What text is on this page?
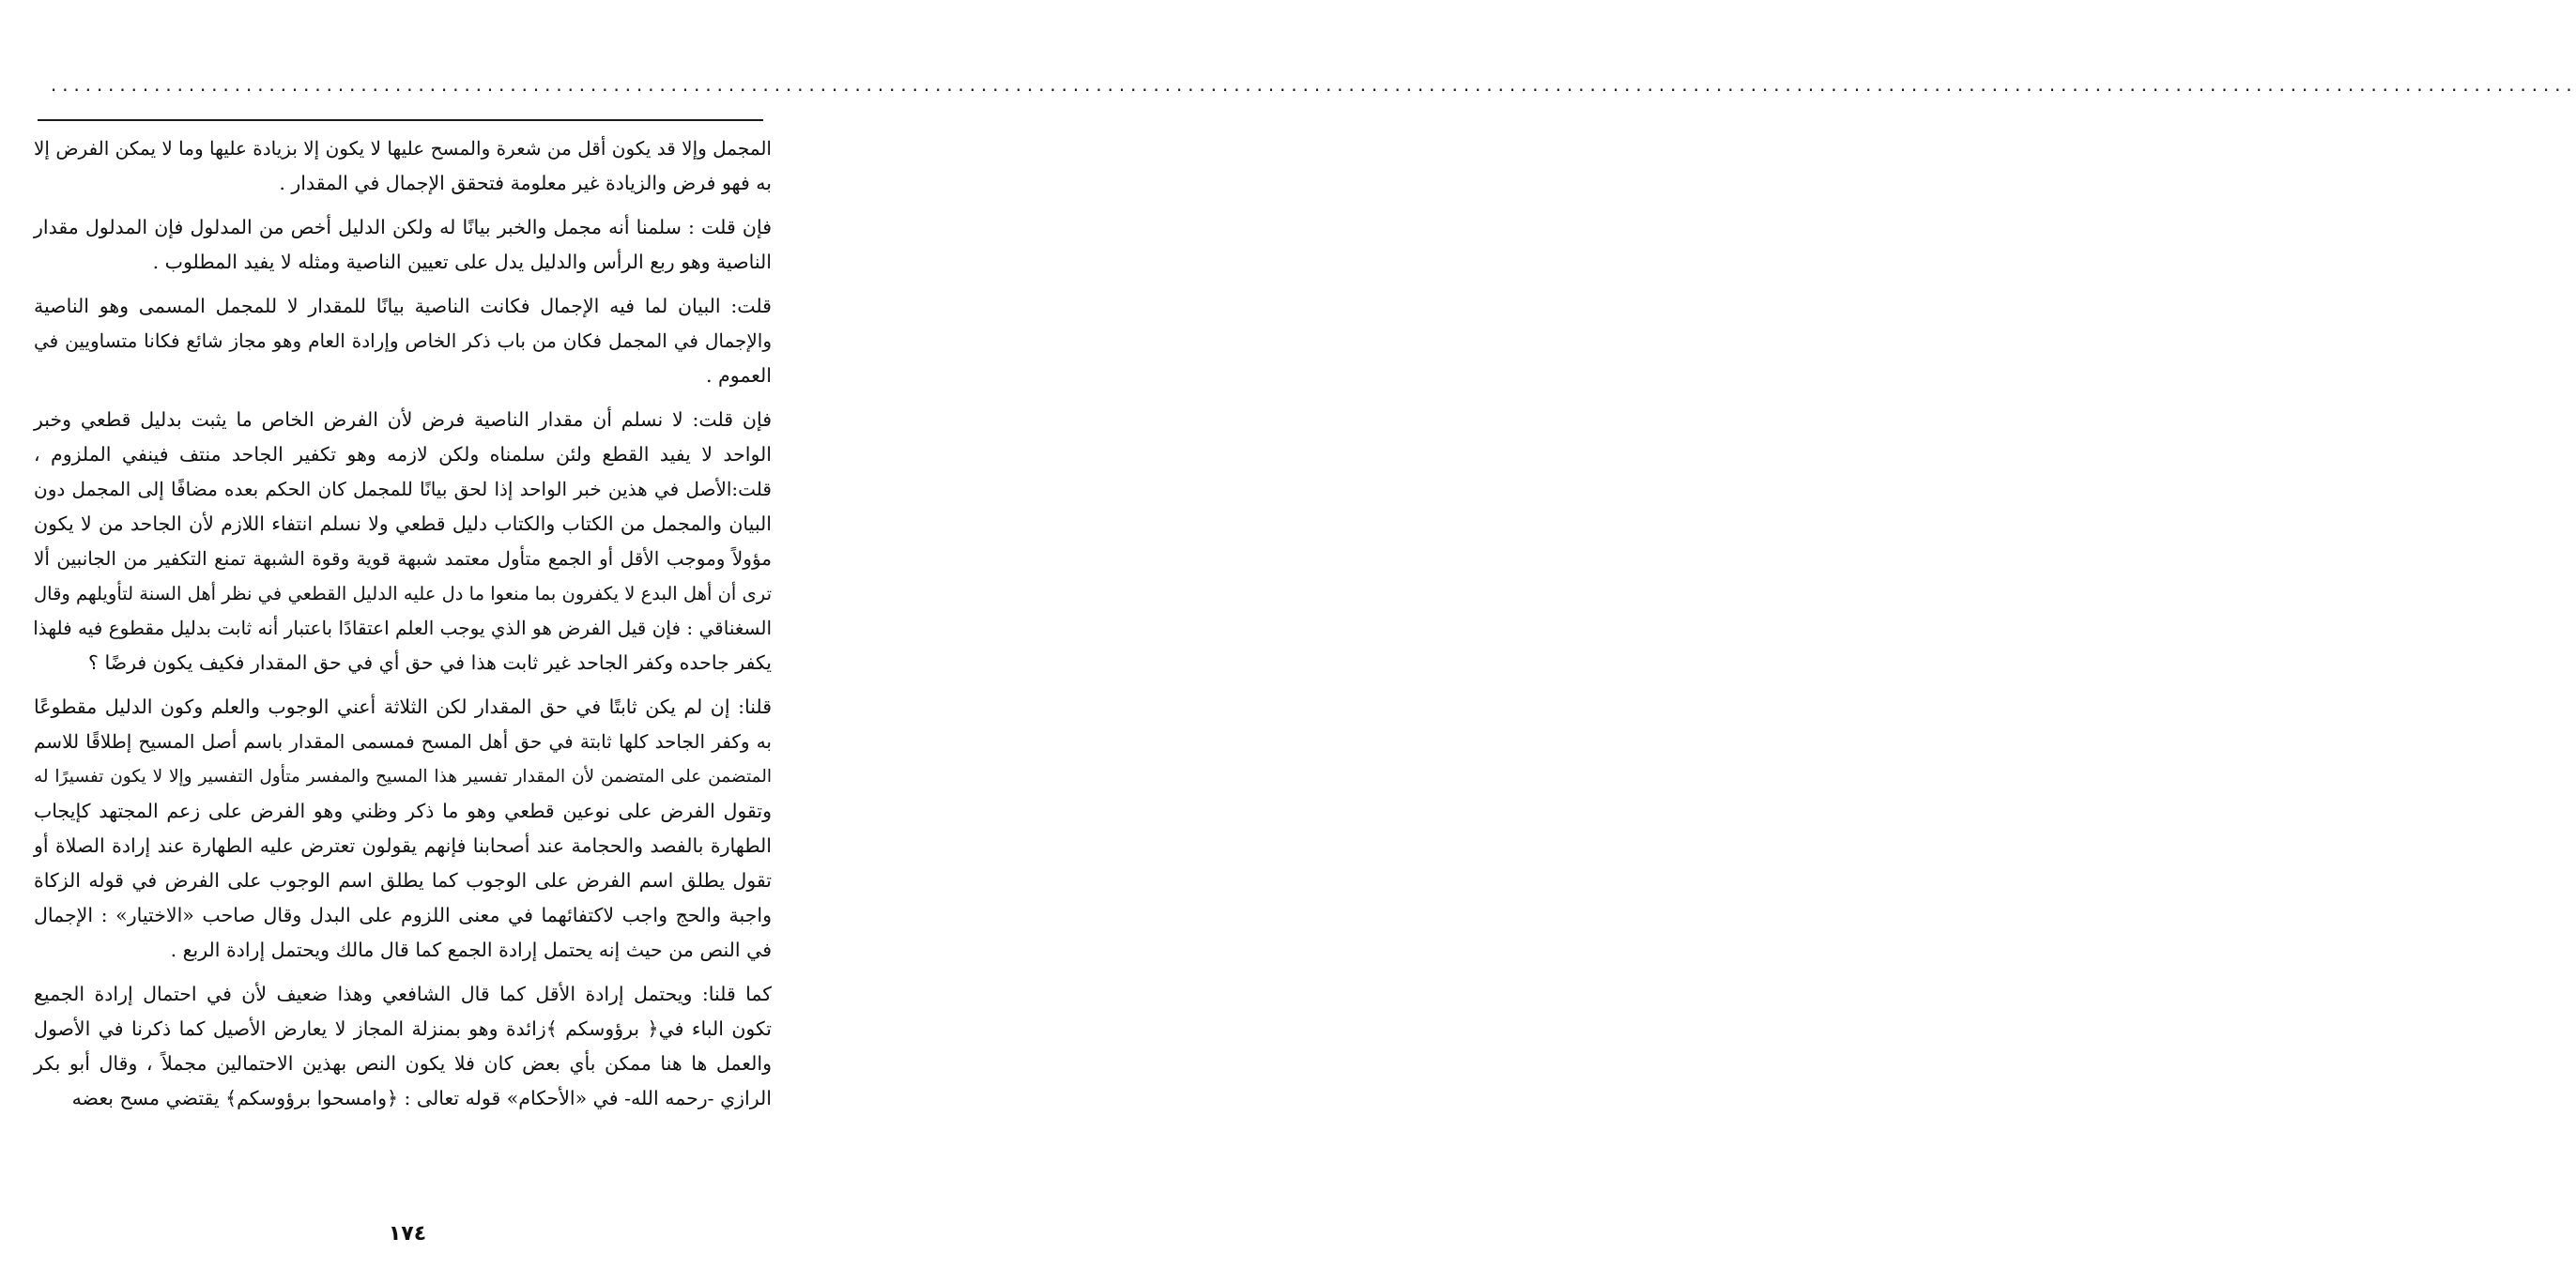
............................................................................................................................................................................................................................
المجمل وإلا قد يكون أقل من شعرة والمسح عليها لا يكون إلا بزيادة عليها وما لا يمكن الفرض إلا
به فهو فرض والزيادة غير معلومة فتحقق الإجمال في المقدار .
فإن قلت : سلمنا أنه مجمل والخبر بيانًا له ولكن الدليل أخص من المدلول فإن المدلول مقدار
الناصية وهو ربع الرأس والدليل يدل على تعيين الناصية ومثله لا يفيد المطلوب .
قلت: البيان لما فيه الإجمال فكانت الناصية بيانًا للمقدار لا للمجمل المسمى وهو الناصية
والإجمال في المجمل فكان من باب ذكر الخاص وإرادة العام وهو مجاز شائع فكانا متساويين في
العموم .
فإن قلت: لا نسلم أن مقدار الناصية فرض لأن الفرض الخاص ما يثبت بدليل قطعي وخبر
الواحد لا يفيد القطع ولئن سلمناه ولكن لازمه وهو تكفير الجاحد منتف فينفي الملزوم ،
قلت:الأصل في هذين خبر الواحد إذا لحق بيانًا للمجمل كان الحكم بعده مضافًا إلى المجمل دون
البيان والمجمل من الكتاب والكتاب دليل قطعي ولا نسلم انتفاء اللازم لأن الجاحد من لا يكون
مؤولاً وموجب الأقل أو الجمع متأول معتمد شبهة قوية وقوة الشبهة تمنع التكفير من الجانبين ألا
ترى أن أهل البدع لا يكفرون بما منعوا ما دل عليه الدليل القطعي في نظر أهل السنة لتأويلهم وقال
السغناقي : فإن قيل الفرض هو الذي يوجب العلم اعتقادًا باعتبار أنه ثابت بدليل مقطوع فيه فلهذا
يكفر جاحده وكفر الجاحد غير ثابت هذا في حق أي في حق المقدار فكيف يكون فرضًا ؟
قلنا: إن لم يكن ثابتًا في حق المقدار لكن الثلاثة أعني الوجوب والعلم وكون الدليل مقطوعًا
به وكفر الجاحد كلها ثابتة في حق أهل المسح فمسمى المقدار باسم أصل المسيح إطلاقًا للاسم
المتضمن على المتضمن لأن المقدار تفسير هذا المسيح والمفسر متأول التفسير وإلا لا يكون تفسيرًا له
وتقول الفرض على نوعين قطعي وهو ما ذكر وظني وهو الفرض على زعم المجتهد كإيجاب
الطهارة بالفصد والحجامة عند أصحابنا فإنهم يقولون تعترض عليه الطهارة عند إرادة الصلاة أو
تقول يطلق اسم الفرض على الوجوب كما يطلق اسم الوجوب على الفرض في قوله الزكاة
واجبة والحج واجب لاكتفائهما في معنى اللزوم على البدل وقال صاحب «الاختيار» : الإجمال
في النص من حيث إنه يحتمل إرادة الجمع كما قال مالك ويحتمل إرادة الربع .
كما قلنا: ويحتمل إرادة الأقل كما قال الشافعي وهذا ضعيف لأن في احتمال إرادة الجميع
تكون الباء في﴿ برؤوسكم ﴾زائدة وهو بمنزلة المجاز لا يعارض الأصيل كما ذكرنا في الأصول
والعمل ها هنا ممكن بأي بعض كان فلا يكون النص بهذين الاحتمالين مجملاً ، وقال أبو بكر
الرازي -رحمه الله- في «الأحكام» قوله تعالى : ﴿وامسحوا برؤوسكم﴾ يقتضي مسح بعضه
١٧٤
